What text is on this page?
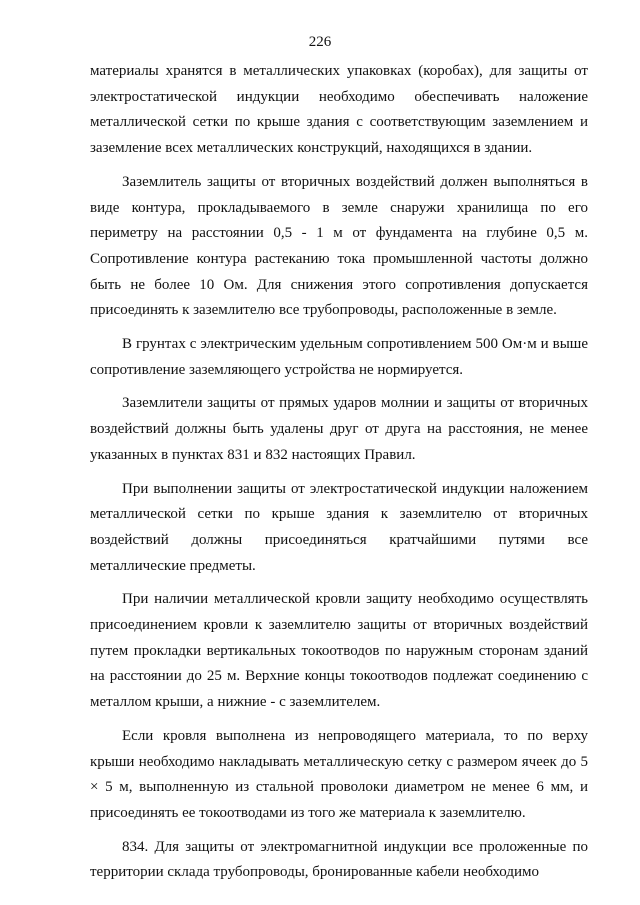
226

материалы хранятся в металлических упаковках (коробах), для защиты от электростатической индукции необходимо обеспечивать наложение металлической сетки по крыше здания с соответствующим заземлением и заземление всех металлических конструкций, находящихся в здании.

Заземлитель защиты от вторичных воздействий должен выполняться в виде контура, прокладываемого в земле снаружи хранилища по его периметру на расстоянии 0,5 - 1 м от фундамента на глубине 0,5 м. Сопротивление контура растеканию тока промышленной частоты должно быть не более 10 Ом. Для снижения этого сопротивления допускается присоединять к заземлителю все трубопроводы, расположенные в земле.

В грунтах с электрическим удельным сопротивлением 500 Ом·м и выше сопротивление заземляющего устройства не нормируется.

Заземлители защиты от прямых ударов молнии и защиты от вторичных воздействий должны быть удалены друг от друга на расстояния, не менее указанных в пунктах 831 и 832 настоящих Правил.

При выполнении защиты от электростатической индукции наложением металлической сетки по крыше здания к заземлителю от вторичных воздействий должны присоединяться кратчайшими путями все металлические предметы.

При наличии металлической кровли защиту необходимо осуществлять присоединением кровли к заземлителю защиты от вторичных воздействий путем прокладки вертикальных токоотводов по наружным сторонам зданий на расстоянии до 25 м. Верхние концы токоотводов подлежат соединению с металлом крыши, а нижние - с заземлителем.

Если кровля выполнена из непроводящего материала, то по верху крыши необходимо накладывать металлическую сетку с размером ячеек до 5 × 5 м, выполненную из стальной проволоки диаметром не менее 6 мм, и присоединять ее токоотводами из того же материала к заземлителю.

834. Для защиты от электромагнитной индукции все проложенные по территории склада трубопроводы, бронированные кабели необходимо
